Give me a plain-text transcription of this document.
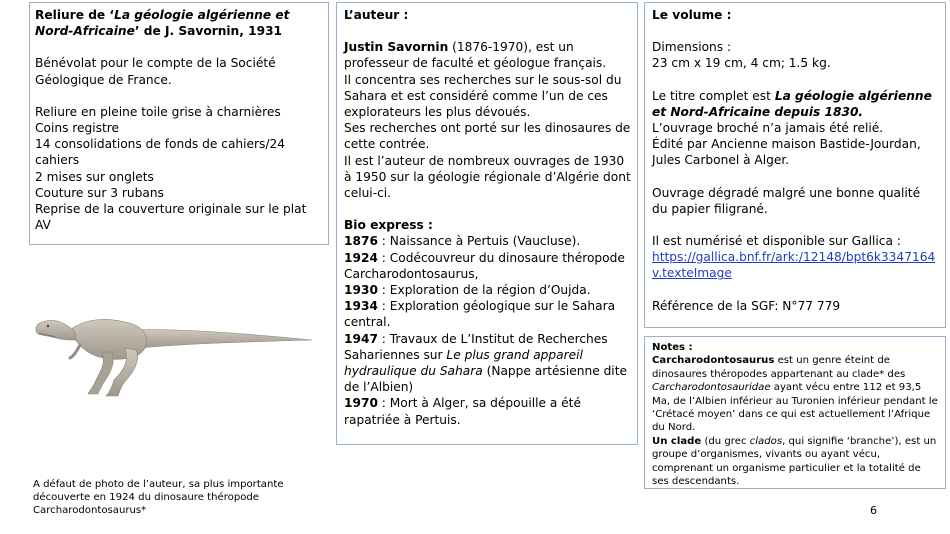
Reliure de ‘La géologie algérienne et Nord-Africaine’ de J. Savornin, 1931

Bénévolat pour le compte de la Société Géologique de France.

Reliure en pleine toile grise à charnières

Coins registre

14 consolidations de fonds de cahiers/24 cahiers

2 mises sur onglets

Couture sur 3 rubans

Reprise de la couverture originale sur le plat AV

L’auteur :

Justin Savornin (1876-1970), est un professeur de faculté et géologue français.

Il concentra ses recherches sur le sous-sol du Sahara et est considéré comme l’un de ces explorateurs les plus dévoués.

Ses recherches ont porté sur les dinosaures de cette contrée.

Il est l’auteur de nombreux ouvrages de 1930 à 1950 sur la géologie régionale d’Algérie dont celui-ci.

Bio express :

1876 : Naissance à Pertuis (Vaucluse).

1924 : Codécouvreur du dinosaure théropode Carcharodontosaurus,

1930 : Exploration de la région d’Oujda.

1934 : Exploration géologique sur le Sahara central.

1947 : Travaux de L’Institut de Recherches Sahariennes sur Le plus grand appareil hydraulique du Sahara (Nappe artésienne dite de l’Albien)

1970 : Mort à Alger, sa dépouille a été rapatriée à Pertuis.

Le volume :

Dimensions :

23 cm x 19 cm, 4 cm; 1.5 kg.

Le titre complet est La géologie algérienne et Nord-Africaine depuis 1830.

L’ouvrage broché n’a jamais été relié.

Édité par Ancienne maison Bastide-Jourdan, Jules Carbonel à Alger.

Ouvrage dégradé malgré une bonne qualité du papier filigrané.

Il est numérisé et disponible sur Gallica :

https://gallica.bnf.fr/ark:/12148/bpt6k3347164v.texteImage

Référence de la SGF: N°77 779

Notes :

Carcharodontosaurus est un genre éteint de dinosaures théropodes appartenant au clade* des Carcharodontosauridae ayant vécu entre 112 et 93,5 Ma, de l’Albien inférieur au Turonien inférieur pendant le ‘Crétacé moyen’ dans ce qui est actuellement l’Afrique du Nord.

Un clade (du grec clados, qui signifie ‘branche’), est un groupe d’organismes, vivants ou ayant vécu, comprenant un organisme particulier et la totalité de ses descendants.

A défaut de photo de l’auteur, sa plus importante découverte en 1924 du dinosaure théropode Carcharodontosaurus*	6
